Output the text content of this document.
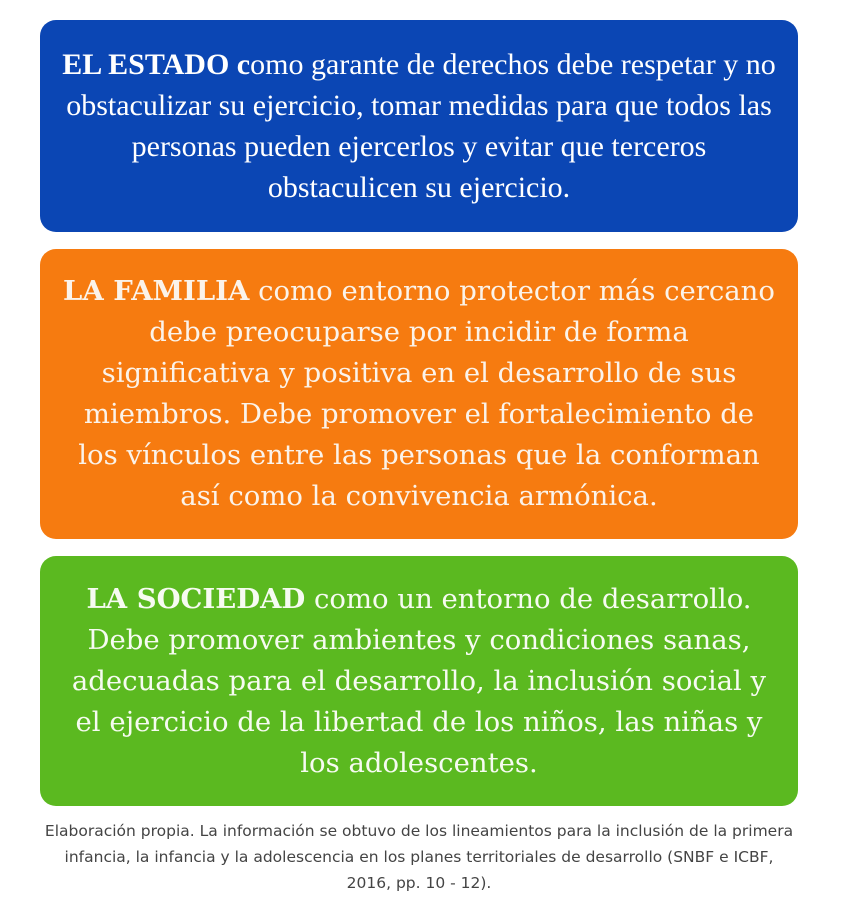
EL ESTADO como garante de derechos debe respetar y no obstaculizar su ejercicio, tomar medidas para que todos las personas pueden ejercerlos y evitar que terceros obstaculicen su ejercicio.

LA FAMILIA como entorno protector más cercano debe preocuparse por incidir de forma significativa y positiva en el desarrollo de sus miembros. Debe promover el fortalecimiento de los vínculos entre las personas que la conforman así como la convivencia armónica.

LA SOCIEDAD como un entorno de desarrollo. Debe promover ambientes y condiciones sanas, adecuadas para el desarrollo, la inclusión social y el ejercicio de la libertad de los niños, las niñas y los adolescentes.

Elaboración propia. La información se obtuvo de los lineamientos para la inclusión de la primera infancia, la infancia y la adolescencia en los planes territoriales de desarrollo (SNBF e ICBF, 2016, pp. 10 - 12).
